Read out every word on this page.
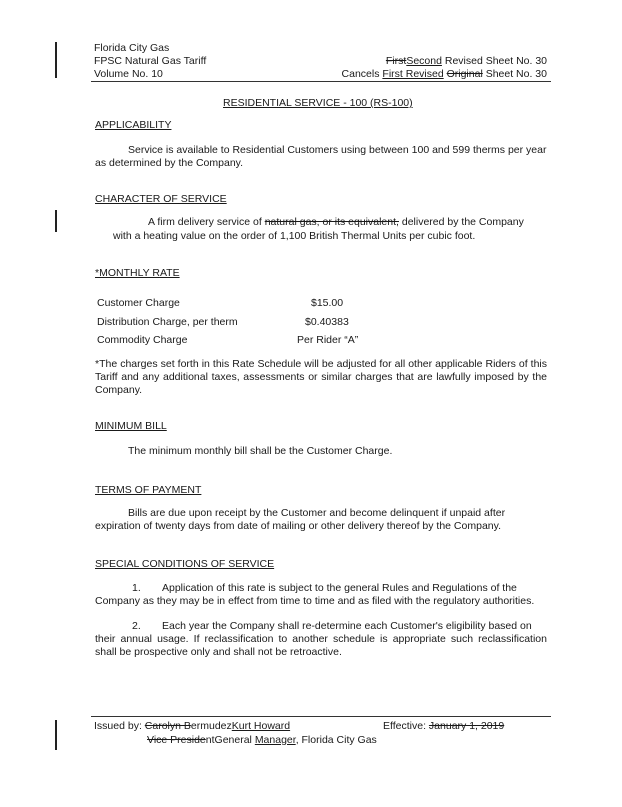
Florida City Gas
FPSC Natural Gas Tariff
Volume No. 10
FirstSecond Revised Sheet No. 30
Cancels First Revised Original Sheet No. 30
RESIDENTIAL SERVICE - 100 (RS-100)
APPLICABILITY
Service is available to Residential Customers using between 100 and 599 therms per year
as determined by the Company.
CHARACTER OF SERVICE
A firm delivery service of natural gas, or its equivalent, delivered by the Company
with a heating value on the order of 1,100 British Thermal Units per cubic foot.
*MONTHLY RATE
Customer Charge	$15.00
Distribution Charge, per therm	$0.40383
Commodity Charge	Per Rider “A”
*The charges set forth in this Rate Schedule will be adjusted for all other applicable Riders of this Tariff and any additional taxes, assessments or similar charges that are lawfully imposed by the Company.
MINIMUM BILL
The minimum monthly bill shall be the Customer Charge.
TERMS OF PAYMENT
Bills are due upon receipt by the Customer and become delinquent if unpaid after
expiration of twenty days from date of mailing or other delivery thereof by the Company.
SPECIAL CONDITIONS OF SERVICE
1. Application of this rate is subject to the general Rules and Regulations of the
Company as they may be in effect from time to time and as filed with the regulatory authorities.
2. Each year the Company shall re-determine each Customer's eligibility based on
their annual usage. If reclassification to another schedule is appropriate such reclassification shall be prospective only and shall not be retroactive.
Issued by: Carolyn BermudezKurt Howard	Effective: January 1, 2019
Vice PresidentGeneral Manager, Florida City Gas
